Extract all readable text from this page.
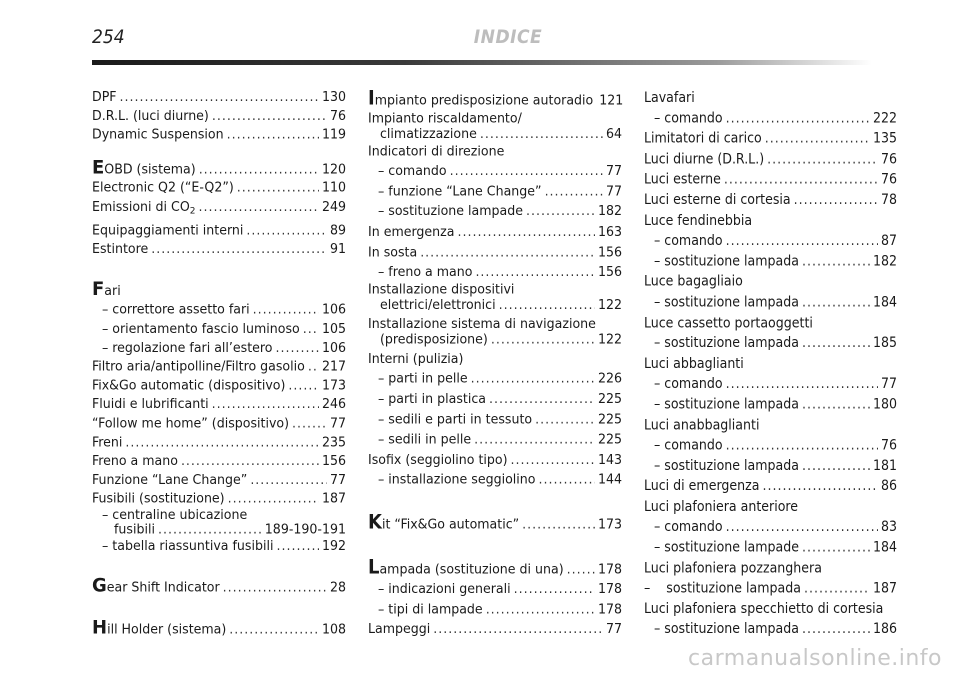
254	INDICE
DPF .....	130
D.R.L. (luci diurne) .....	76
Dynamic Suspension .....	119
EOBD (sistema) .....	120
Electronic Q2 (“E-Q2”) .....	110
Emissioni di $CO_2$ .....	249
Equipaggiamenti interni .....	89
Estintore .....	91
Fari
– correttore assetto fari .....	106
– orientamento fascio luminoso ..... 105
– regolazione fari all’estero .....	106
Filtro aria/antipolline/Filtro gasolio ..... 217
Fix&Go automatic (dispositivo) .....	173
Fluidi e lubrificanti .....	246
“Follow me home” (dispositivo) .....	77
Freni .....	235
Freno a mano .....	156
Funzione “Lane Change” .....	77
Fusibili (sostituzione) .....	187
– centraline ubicazione
fusibili .....	189-190-191
– tabella riassuntiva fusibili .....	192
Gear Shift Indicator .....	28
Hill Holder (sistema) .....	108
Impianto predisposizione autoradio 121
Impianto riscaldamento/
climatizzazione .....	64
Indicatori di direzione
– comando .....	77
– funzione “Lane Change” .....	77
– sostituzione lampade .....	182
In emergenza .....	163
In sosta .....	156
– freno a mano .....	156
Installazione dispositivi
elettrici/elettronici .....	122
Installazione sistema di navigazione
(predisposizione) .....	122
Interni (pulizia)
– parti in pelle .....	226
– parti in plastica .....	225
– sedili e parti in tessuto .....	225
– sedili in pelle .....	225
Isofix (seggiolino tipo) .....	143
– installazione seggiolino .....	144
Kit “Fix&Go automatic” .....	173
Lampada (sostituzione di una) ..... 178
– indicazioni generali .....	178
– tipi di lampade .....	178
Lampeggi .....	77
Lavafari
– comando .....	222
Limitatori di carico .....	135
Luci diurne (D.R.L.) .....	76
Luci esterne .....	76
Luci esterne di cortesia .....	78
Luce fendinebbia
– comando .....	87
– sostituzione lampada .....	182
Luce bagagliaio
– sostituzione lampada .....	184
Luce cassetto portaoggetti
– sostituzione lampada .....	185
Luci abbaglianti
– comando .....	77
– sostituzione lampada .....	180
Luci anabbaglianti
– comando .....	76
– sostituzione lampada .....	181
Luci di emergenza .....	86
Luci plafoniera anteriore
– comando .....	83
– sostituzione lampade .....	184
Luci plafoniera pozzanghera
–    sostituzione lampada .....	187
Luci plafoniera specchietto di cortesia
– sostituzione lampada .....	186
carmanualsonline.info
